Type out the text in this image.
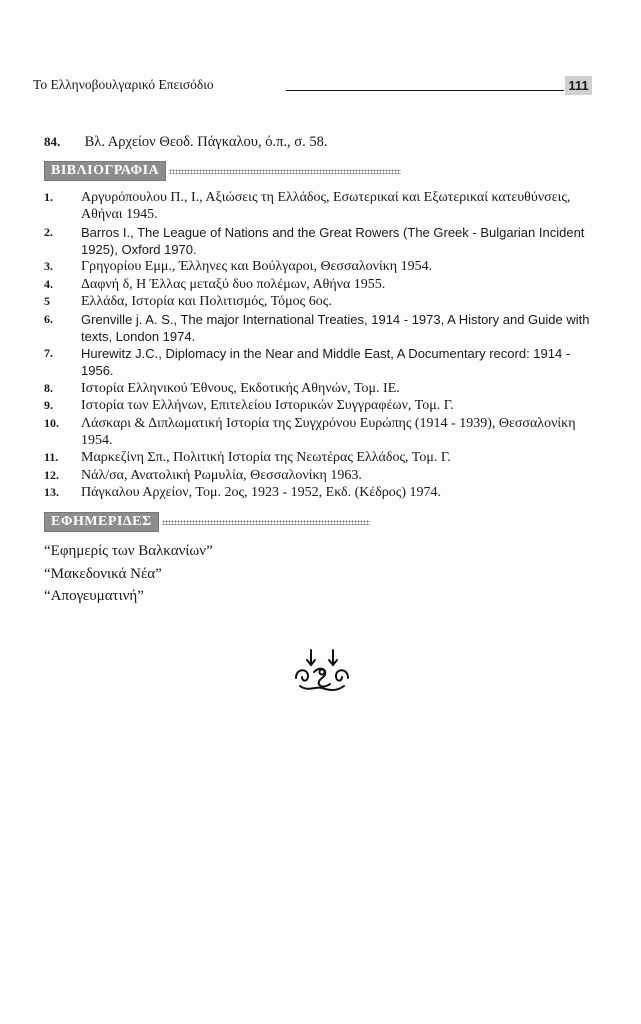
Το Ελληνοβουλγαρικό Επεισόδιο	111
84. Βλ. Αρχείον Θεοδ. Πάγκαλου, ό.π., σ. 58.
ΒΙΒΛΙΟΓΡΑΦΙΑ
1.	Αργυρόπουλου Π., Ι., Αξιώσεις τη Ελλάδος, Εσωτερικαί και Εξωτερικαί κατευθύνσεις, Αθήναι 1945.
2.	Barros I., The League of Nations and the Great Rowers (The Greek - Bulgarian Incident 1925), Oxford 1970.
3.	Γρηγορίου Εμμ., Έλληνες και Βούλγαροι, Θεσσαλονίκη 1954.
4.	Δαφνή δ, Η Έλλας μεταξύ δυο πολέμων, Αθήνα 1955.
5	Ελλάδα, Ιστορία και Πολιτισμός, Τόμος 6ος.
6.	Grenville j. A. S., The major International Treaties, 1914 - 1973, A History and Guide with texts, London 1974.
7.	Hurewitz J.C., Diplomacy in the Near and Middle East, A Documentary record: 1914 - 1956.
8.	Ιστορία Ελληνικού Έθνους, Εκδοτικής Αθηνών, Τομ. ΙΕ.
9.	Ιστορία των Ελλήνων, Επιτελείου Ιστορικών Συγγραφέων, Τομ. Γ.
10.	Λάσκαρι & Διπλωματική Ιστορία της Συγχρόνου Ευρώπης (1914 - 1939), Θεσσαλονίκη 1954.
11.	Μαρκεζίνη Σπ., Πολιτική Ιστορία της Νεωτέρας Ελλάδος, Τομ. Γ.
12.	Νάλ/σα, Ανατολική Ρωμυλία, Θεσσαλονίκη 1963.
13.	Πάγκαλου Αρχείον, Τομ. 2ος, 1923 - 1952, Εκδ. (Κέδρος) 1974.
ΕΦΗΜΕΡΙΔΕΣ
“Εφημερίς των Βαλκανίων”
“Μακεδονικά Νέα”
“Απογευματινή”
